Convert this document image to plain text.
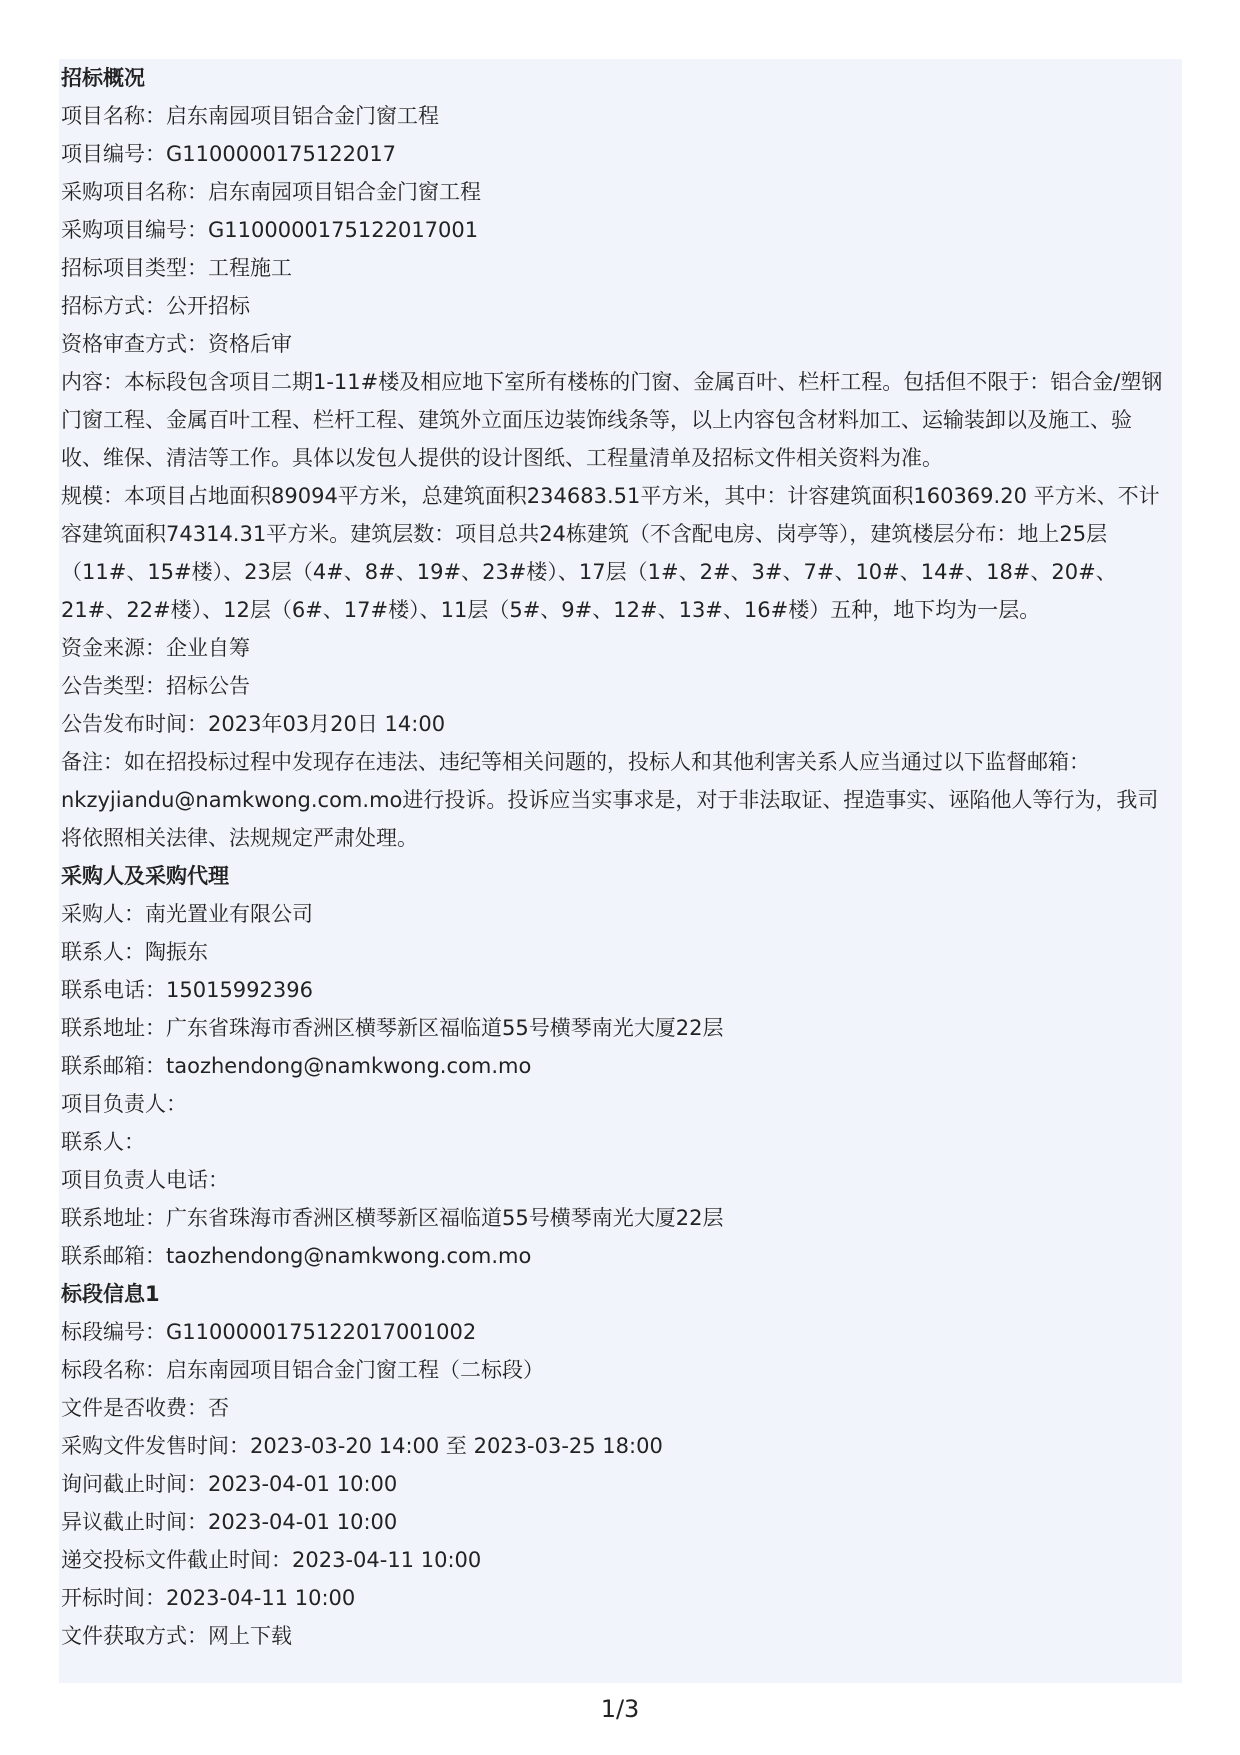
招标概况
项目名称：启东南园项目铝合金门窗工程
项目编号：G1100000175122017
采购项目名称：启东南园项目铝合金门窗工程
采购项目编号：G1100000175122017001
招标项目类型：工程施工
招标方式：公开招标
资格审查方式：资格后审
内容：本标段包含项目二期1-11#楼及相应地下室所有楼栋的门窗、金属百叶、栏杆工程。包括但不限于：铝合金/塑钢门窗工程、金属百叶工程、栏杆工程、建筑外立面压边装饰线条等，以上内容包含材料加工、运输装卸以及施工、验收、维保、清洁等工作。具体以发包人提供的设计图纸、工程量清单及招标文件相关资料为准。
规模：本项目占地面积89094平方米，总建筑面积234683.51平方米，其中：计容建筑面积160369.20 平方米、不计容建筑面积74314.31平方米。建筑层数：项目总共24栋建筑（不含配电房、岗亭等），建筑楼层分布：地上25层（11#、15#楼）、23层（4#、8#、19#、23#楼）、17层（1#、2#、3#、7#、10#、14#、18#、20#、21#、22#楼）、12层（6#、17#楼）、11层（5#、9#、12#、13#、16#楼）五种，地下均为一层。
资金来源：企业自筹
公告类型：招标公告
公告发布时间：2023年03月20日 14:00
备注：如在招投标过程中发现存在违法、违纪等相关问题的，投标人和其他利害关系人应当通过以下监督邮箱：nkzyjiandu@namkwong.com.mo进行投诉。投诉应当实事求是，对于非法取证、捏造事实、诬陷他人等行为，我司将依照相关法律、法规规定严肃处理。
采购人及采购代理
采购人：南光置业有限公司
联系人：陶振东
联系电话：15015992396
联系地址：广东省珠海市香洲区横琴新区福临道55号横琴南光大厦22层
联系邮箱：taozhendong@namkwong.com.mo
项目负责人：
联系人：
项目负责人电话：
联系地址：广东省珠海市香洲区横琴新区福临道55号横琴南光大厦22层
联系邮箱：taozhendong@namkwong.com.mo
标段信息1
标段编号：G1100000175122017001002
标段名称：启东南园项目铝合金门窗工程（二标段）
文件是否收费：否
采购文件发售时间：2023-03-20 14:00 至 2023-03-25 18:00
询问截止时间：2023-04-01 10:00
异议截止时间：2023-04-01 10:00
递交投标文件截止时间：2023-04-11 10:00
开标时间：2023-04-11 10:00
文件获取方式：网上下载
1/3
